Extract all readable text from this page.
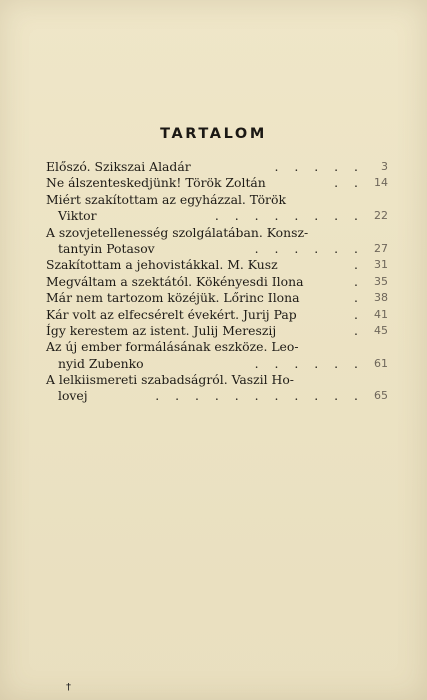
TARTALOM
Előszó. Szikszai Aladár	. . . . . 3
Ne álszenteskedjünk! Török Zoltán	. . 14
Miért szakítottam az egyházzal. Török
Viktor	. . . . . . . . 22
A szovjetellenesség szolgálatában. Konsz-
tantyin Potasov	. . . . . . 27
Szakítottam a jehovistákkal. M. Kusz	. 31
Megváltam a szektától. Kökényesdi Ilona	. 35
Már nem tartozom közéjük. Lőrinc Ilona	. 38
Kár volt az elfecsérelt évekért. Jurij Pap	. 41
Így kerestem az istent. Julij Mereszij	. 45
Az új ember formálásának eszköze. Leo-
nyid Zubenko	. . . . . . 61
A lelkiismereti szabadságról. Vaszil Ho-
lovej	. . . . . . . . . . . 65
†
